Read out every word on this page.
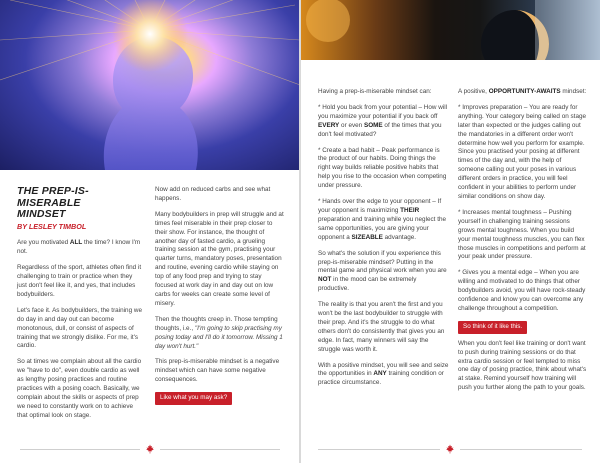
THE PREP-IS-MISERABLE
MINDSET
BY LESLEY TIMBOL

Are you motivated ALL the time? I know I'm not.

Regardless of the sport, athletes often find it challenging to train or practice when they just don't feel like it, and yes, that includes bodybuilders.

Let's face it. As bodybuilders, the training we do day in and day out can become monotonous, dull, or consist of aspects of training that we strongly dislike. For me, it's cardio.

So at times we complain about all the cardio we "have to do", even double cardio as well as lengthy posing practices and routine practices with a posing coach. Basically, we complain about the skills or aspects of prep we need to constantly work on to achieve that optimal look on stage.

Now add on reduced carbs and see what happens.

Many bodybuilders in prep will struggle and at times feel miserable in their prep closer to their show. For instance, the thought of another day of fasted cardio, a grueling training session at the gym, practising your quarter turns, mandatory poses, presentation and routine, evening cardio while staying on top of any food prep and trying to stay focused at work day in and day out on low carbs for weeks can create some level of misery.

Then the thoughts creep in. Those tempting thoughts, i.e., "I'm going to skip practising my posing today and I'll do it tomorrow. Missing 1 day won't hurt."

This prep-is-miserable mindset is a negative mindset which can have some negative consequences.

Like what you may ask?

Having a prep-is-miserable mindset can:

* Hold you back from your potential – How will you maximize your potential if you back off EVERY or even SOME of the times that you don't feel motivated?

* Create a bad habit – Peak performance is the product of our habits. Doing things the right way builds reliable positive habits that help you rise to the occasion when competing under pressure.

* Hands over the edge to your opponent – If your opponent is maximizing THEIR preparation and training while you neglect the same opportunities, you are giving your opponent a SIZEABLE advantage.

So what's the solution if you experience this prep-is-miserable mindset? Putting in the mental game and physical work when you are NOT in the mood can be extremely productive.

The reality is that you aren't the first and you won't be the last bodybuilder to struggle with their prep. And it's the struggle to do what others don't do consistently that gives you an edge. In fact, many winners will say the struggle was worth it.

With a positive mindset, you will see and seize the opportunities in ANY training condition or practice circumstance.

A positive, OPPORTUNITY-AWAITS mindset:

* Improves preparation – You are ready for anything. Your category being called on stage later than expected or the judges calling out the mandatories in a different order won't determine how well you perform for example. Since you practised your posing at different times of the day and, with the help of someone calling out your poses in various different orders in practice, you will feel confident in your abilities to perform under similar conditions on show day.

* Increases mental toughness – Pushing yourself in challenging training sessions grows mental toughness. When you build your mental toughness muscles, you can flex those muscles in competitions and perform at your peak under pressure.

* Gives you a mental edge – When you are willing and motivated to do things that other bodybuilders avoid, you will have rock-steady confidence and know you can overcome any challenge throughout a competition.

So think of it like this.

When you don't feel like training or don't want to push during training sessions or do that extra cardio session or feel tempted to miss one day of posing practice, think about what's at stake. Remind yourself how training will push you further along the path to your goals.
